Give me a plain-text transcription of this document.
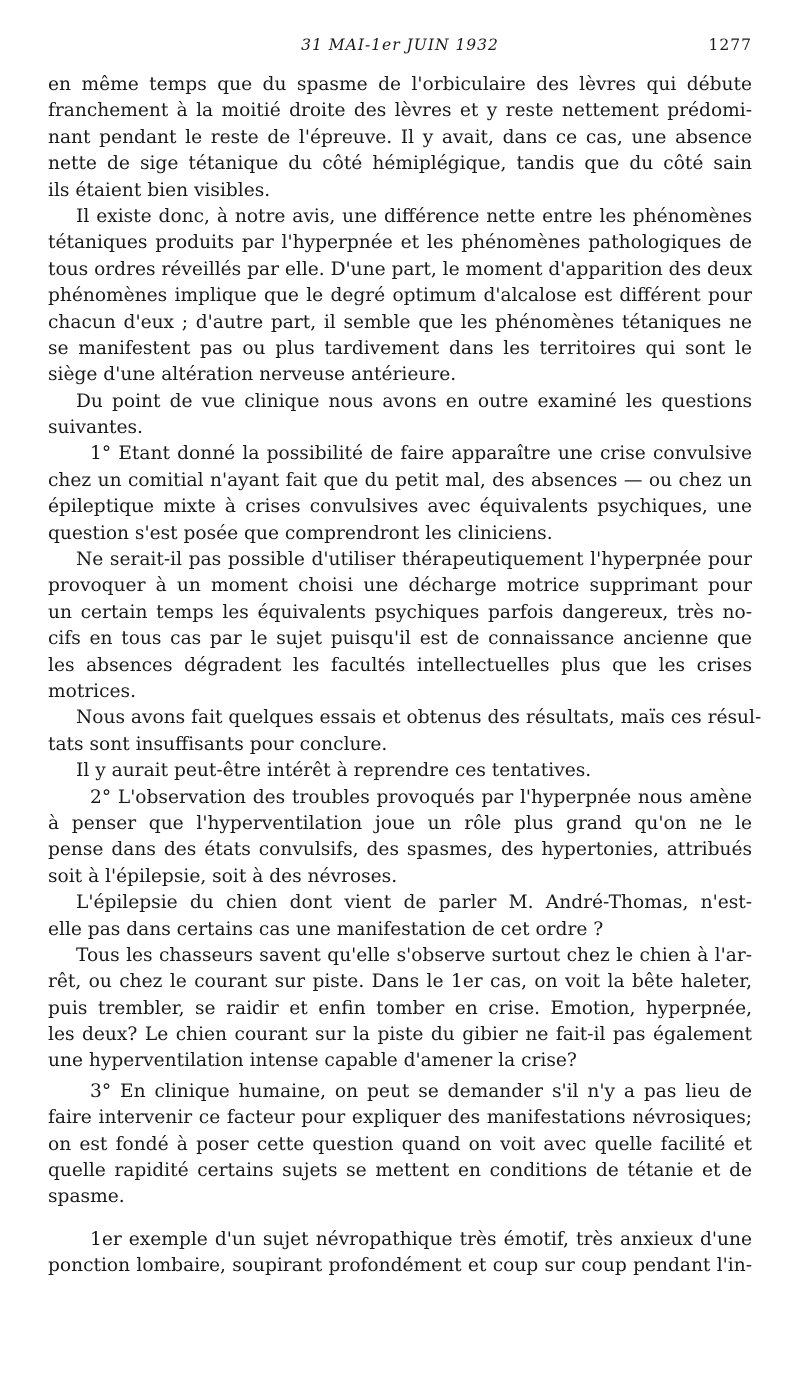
31 MAI-1er JUIN 1932	1277
en même temps que du spasme de l'orbiculaire des lèvres qui débute
franchement à la moitié droite des lèvres et y reste nettement prédomi-
nant pendant le reste de l'épreuve. Il y avait, dans ce cas, une absence
nette de sige tétanique du côté hémiplégique, tandis que du côté sain
ils étaient bien visibles.
Il existe donc, à notre avis, une différence nette entre les phénomènes
tétaniques produits par l'hyperpnée et les phénomènes pathologiques de
tous ordres réveillés par elle. D'une part, le moment d'apparition des deux
phénomènes implique que le degré optimum d'alcalose est différent pour
chacun d'eux ; d'autre part, il semble que les phénomènes tétaniques ne
se manifestent pas ou plus tardivement dans les territoires qui sont le
siège d'une altération nerveuse antérieure.
Du point de vue clinique nous avons en outre examiné les questions
suivantes.
1° Etant donné la possibilité de faire apparaître une crise convulsive
chez un comitial n'ayant fait que du petit mal, des absences — ou chez un
épileptique mixte à crises convulsives avec équivalents psychiques, une
question s'est posée que comprendront les cliniciens.
Ne serait-il pas possible d'utiliser thérapeutiquement l'hyperpnée pour
provoquer à un moment choisi une décharge motrice supprimant pour
un certain temps les équivalents psychiques parfois dangereux, très no-
cifs en tous cas par le sujet puisqu'il est de connaissance ancienne que
les absences dégradent les facultés intellectuelles plus que les crises
motrices.
Nous avons fait quelques essais et obtenus des résultats, maïs ces résul-
tats sont insuffisants pour conclure.
Il y aurait peut-être intérêt à reprendre ces tentatives.
2° L'observation des troubles provoqués par l'hyperpnée nous amène
à penser que l'hyperventilation joue un rôle plus grand qu'on ne le
pense dans des états convulsifs, des spasmes, des hypertonies, attribués
soit à l'épilepsie, soit à des névroses.
L'épilepsie du chien dont vient de parler M. André-Thomas, n'est-
elle pas dans certains cas une manifestation de cet ordre ?
Tous les chasseurs savent qu'elle s'observe surtout chez le chien à l'ar-
rêt, ou chez le courant sur piste. Dans le 1er cas, on voit la bête haleter,
puis trembler, se raidir et enfin tomber en crise. Emotion, hyperpnée,
les deux? Le chien courant sur la piste du gibier ne fait-il pas également
une hyperventilation intense capable d'amener la crise?
3° En clinique humaine, on peut se demander s'il n'y a pas lieu de
faire intervenir ce facteur pour expliquer des manifestations névrosiques;
on est fondé à poser cette question quand on voit avec quelle facilité et
quelle rapidité certains sujets se mettent en conditions de tétanie et de
spasme.
1er exemple d'un sujet névropathique très émotif, très anxieux d'une
ponction lombaire, soupirant profondément et coup sur coup pendant l'in-
